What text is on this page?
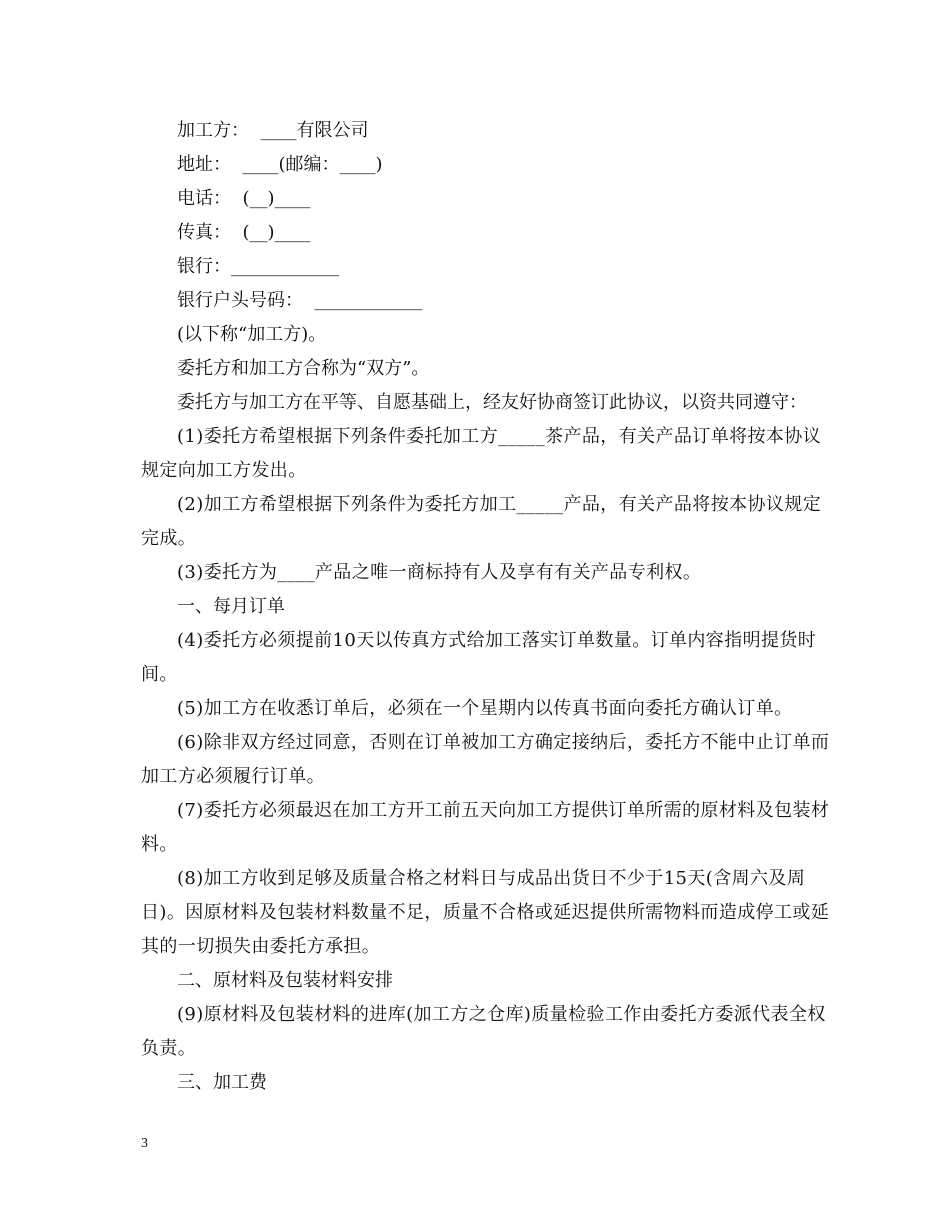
加工方：  ____有限公司

地址：  ____(邮编：____)

电话：  (__)____

传真：  (__)____

银行：____________

银行户头号码：  ____________

(以下称“加工方)。

委托方和加工方合称为“双方”。

委托方与加工方在平等、自愿基础上，经友好协商签订此协议，以资共同遵守：

(1)委托方希望根据下列条件委托加工方_____茶产品，有关产品订单将按本协议规定向加工方发出。

(2)加工方希望根据下列条件为委托方加工_____产品，有关产品将按本协议规定完成。

(3)委托方为____产品之唯一商标持有人及享有有关产品专利权。

一、每月订单

(4)委托方必须提前10天以传真方式给加工落实订单数量。订单内容指明提货时间。

(5)加工方在收悉订单后，必须在一个星期内以传真书面向委托方确认订单。

(6)除非双方经过同意，否则在订单被加工方确定接纳后，委托方不能中止订单而加工方必须履行订单。

(7)委托方必须最迟在加工方开工前五天向加工方提供订单所需的原材料及包装材料。

(8)加工方收到足够及质量合格之材料日与成品出货日不少于15天(含周六及周日)。因原材料及包装材料数量不足，质量不合格或延迟提供所需物料而造成停工或延其的一切损失由委托方承担。

二、原材料及包装材料安排

(9)原材料及包装材料的进库(加工方之仓库)质量检验工作由委托方委派代表全权负责。

三、加工费

3
